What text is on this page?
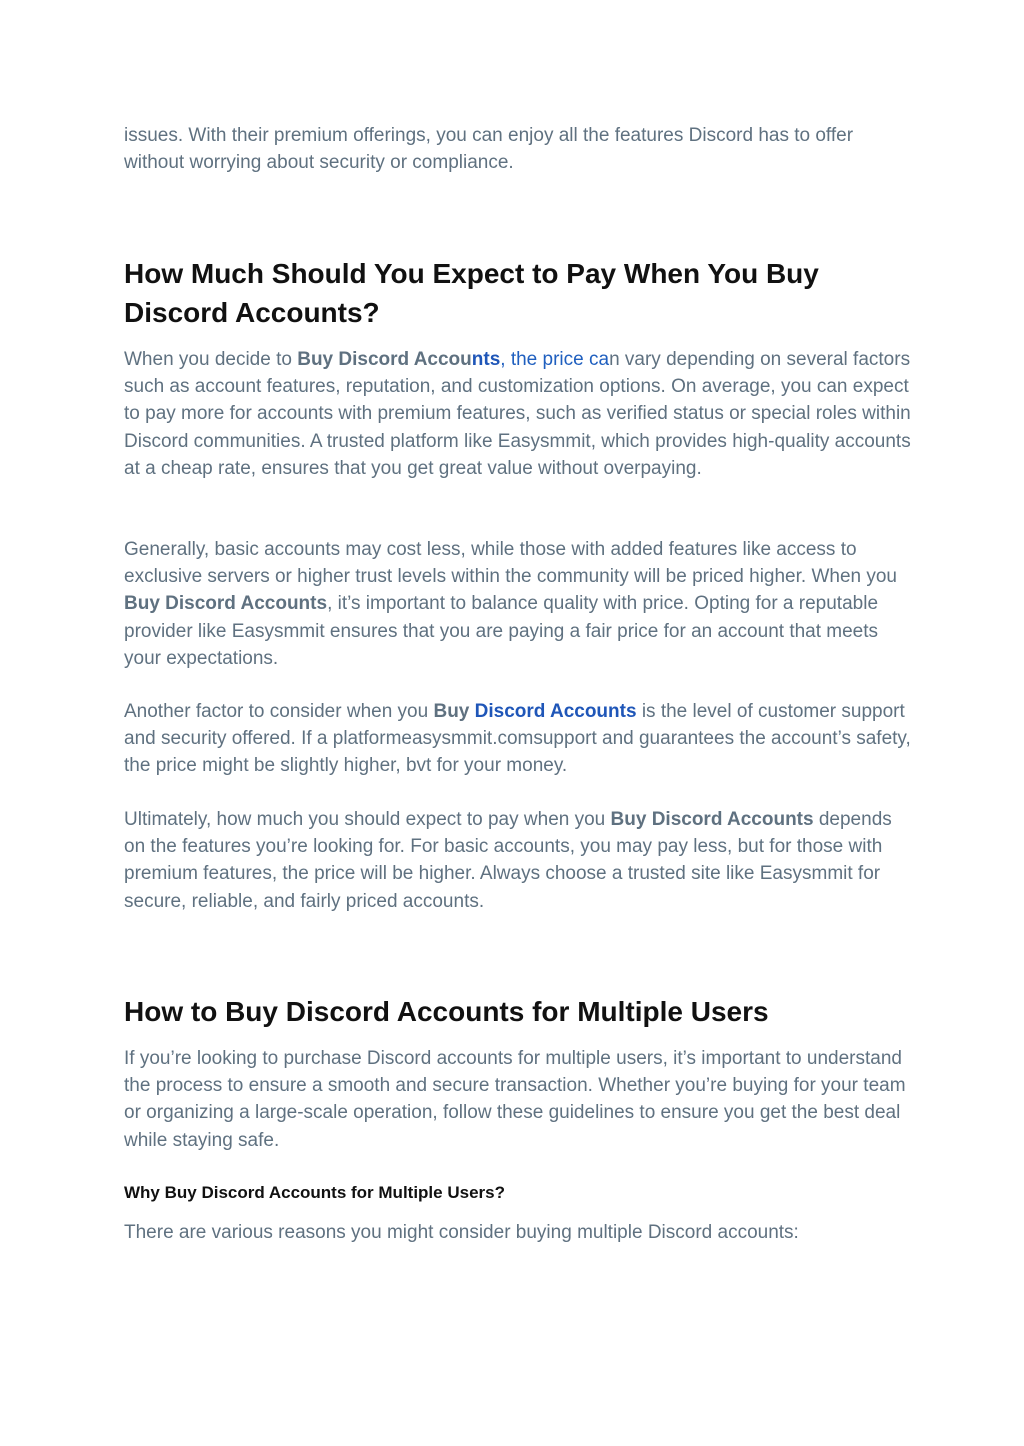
issues. With their premium offerings, you can enjoy all the features Discord has to offer without worrying about security or compliance.

How Much Should You Expect to Pay When You Buy Discord Accounts?

When you decide to Buy Discord Accounts, the price can vary depending on several factors such as account features, reputation, and customization options. On average, you can expect to pay more for accounts with premium features, such as verified status or special roles within Discord communities. A trusted platform like Easysmmit, which provides high-quality accounts at a cheap rate, ensures that you get great value without overpaying.

Generally, basic accounts may cost less, while those with added features like access to exclusive servers or higher trust levels within the community will be priced higher. When you Buy Discord Accounts, it’s important to balance quality with price. Opting for a reputable provider like Easysmmit ensures that you are paying a fair price for an account that meets your expectations.

Another factor to consider when you Buy Discord Accounts is the level of customer support and security offered. If a platformeasysmmit.comsupport and guarantees the account’s safety, the price might be slightly higher, bvt for your money.

Ultimately, how much you should expect to pay when you Buy Discord Accounts depends on the features you’re looking for. For basic accounts, you may pay less, but for those with premium features, the price will be higher. Always choose a trusted site like Easysmmit for secure, reliable, and fairly priced accounts.

How to Buy Discord Accounts for Multiple Users

If you’re looking to purchase Discord accounts for multiple users, it’s important to understand the process to ensure a smooth and secure transaction. Whether you’re buying for your team or organizing a large-scale operation, follow these guidelines to ensure you get the best deal while staying safe.

Why Buy Discord Accounts for Multiple Users?

There are various reasons you might consider buying multiple Discord accounts:
